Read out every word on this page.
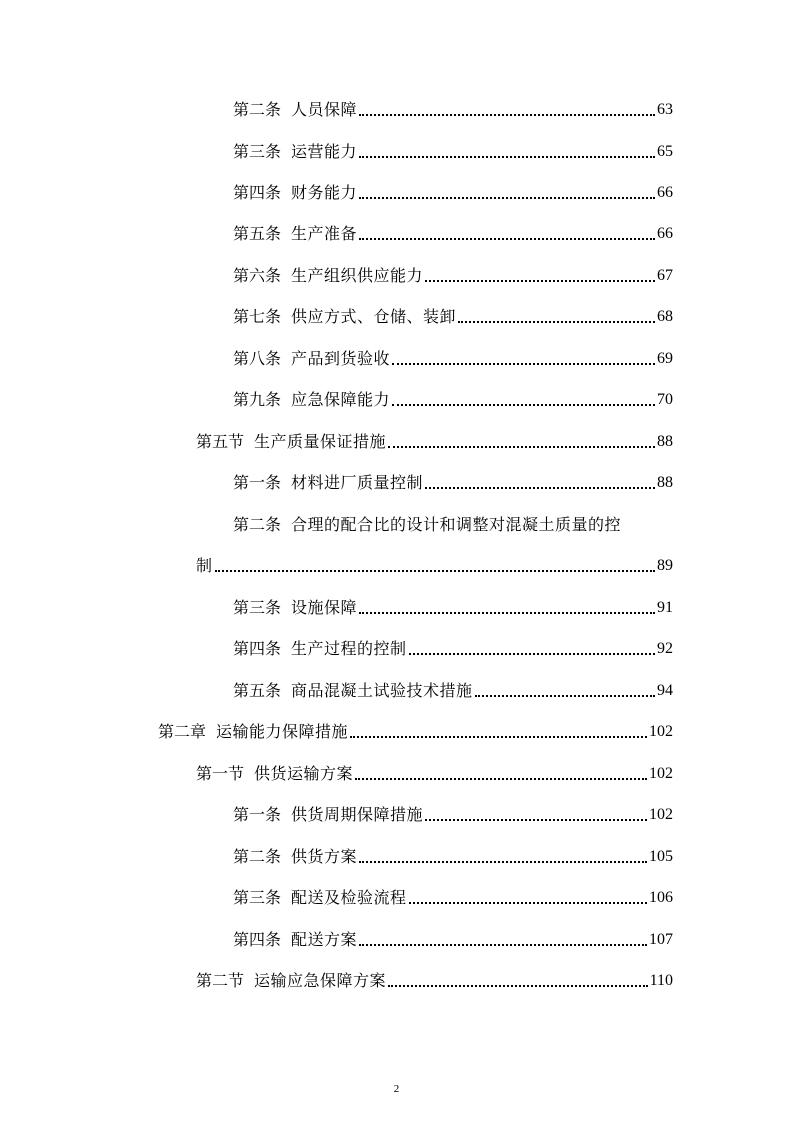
第二条 人员保障	63
第三条 运营能力	65
第四条 财务能力	66
第五条 生产准备	66
第六条 生产组织供应能力	67
第七条 供应方式、仓储、装卸	68
第八条 产品到货验收	69
第九条 应急保障能力	70
第五节 生产质量保证措施	88
第一条 材料进厂质量控制	88
第二条 合理的配合比的设计和调整对混凝土质量的控
制	89
第三条 设施保障	91
第四条 生产过程的控制	92
第五条 商品混凝土试验技术措施	94
第二章 运输能力保障措施	102
第一节 供货运输方案	102
第一条 供货周期保障措施	102
第二条 供货方案	105
第三条 配送及检验流程	106
第四条 配送方案	107
第二节 运输应急保障方案	110
2
